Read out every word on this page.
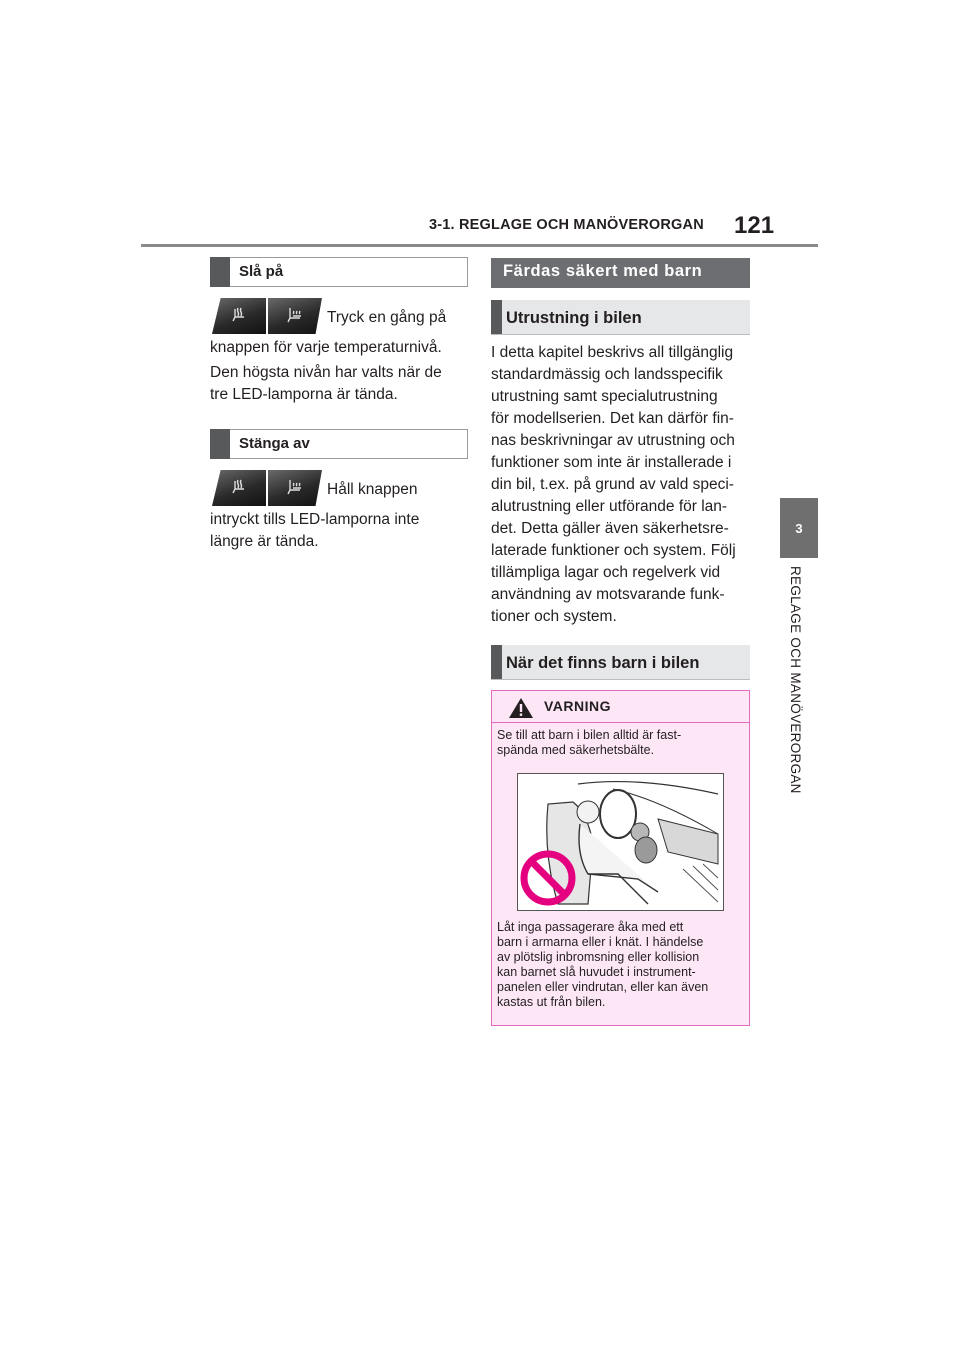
3-1. REGLAGE OCH MANÖVERORGAN 121
3
REGLAGE OCH MANÖVERORGAN
Slå på

Tryck en gång på

knappen för varje temperaturnivå.

Den högsta nivån har valts när de

tre LED-lamporna är tända.

Stänga av

Håll knappen

intryckt tills LED-lamporna inte

längre är tända.

Färdas säkert med barn
Utrustning i bilen

I detta kapitel beskrivs all tillgänglig

standardmässig och landsspecifik

utrustning samt specialutrustning

för modellserien. Det kan därför fin-

nas beskrivningar av utrustning och

funktioner som inte är installerade i

din bil, t.ex. på grund av vald speci-

alutrustning eller utförande för lan-

det. Detta gäller även säkerhetsre-

laterade funktioner och system. Följ

tillämpliga lagar och regelverk vid

användning av motsvarande funk-

tioner och system.

När det finns barn i bilen
VARNING

Se till att barn i bilen alltid är fast-

spända med säkerhetsbälte.

Låt inga passagerare åka med ett

barn i armarna eller i knät. I händelse

av plötslig inbromsning eller kollision

kan barnet slå huvudet i instrument-

panelen eller vindrutan, eller kan även

kastas ut från bilen.
